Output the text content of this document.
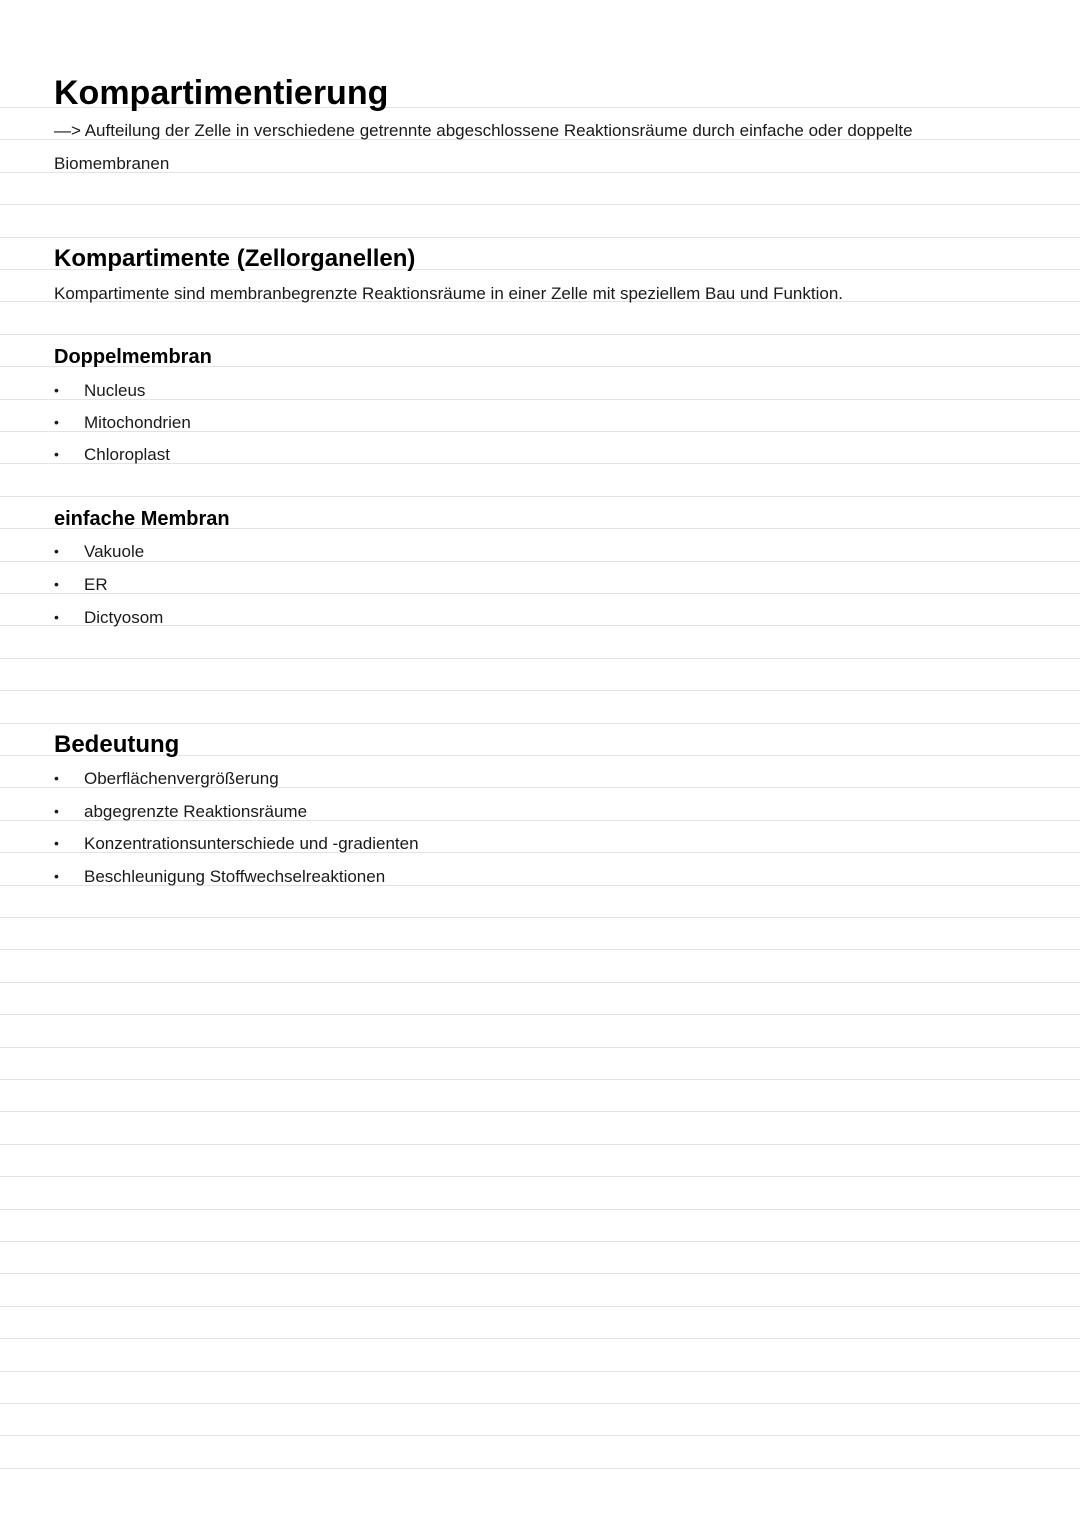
Kompartimentierung
—> Aufteilung der Zelle in verschiedene getrennte abgeschlossene Reaktionsräume durch einfache oder doppelte
Biomembranen
Kompartimente (Zellorganellen)
Kompartimente sind membranbegrenzte Reaktionsräume in einer Zelle mit speziellem Bau und Funktion.
Doppelmembran
• Nucleus
• Mitochondrien
• Chloroplast
einfache Membran
• Vakuole
• ER
• Dictyosom
Bedeutung
• Oberflächenvergrößerung
• abgegrenzte Reaktionsräume
• Konzentrationsunterschiede und -gradienten
• Beschleunigung Stoffwechselreaktionen
